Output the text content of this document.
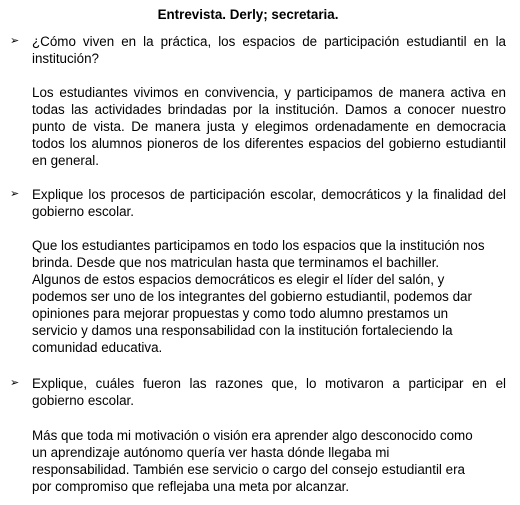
Entrevista. Derly; secretaria.
➢ ¿Cómo viven en la práctica, los espacios de participación estudiantil en la institución?

Los estudiantes vivimos en convivencia, y participamos de manera activa en todas las actividades brindadas por la institución. Damos a conocer nuestro punto de vista. De manera justa y elegimos ordenadamente en democracia todos los alumnos pioneros de los diferentes espacios del gobierno estudiantil en general.

➢ Explique los procesos de participación escolar, democráticos y la finalidad del gobierno escolar.
Que los estudiantes participamos en todo los espacios que la institución nos
brinda. Desde que nos matriculan hasta que terminamos el bachiller.
Algunos de estos espacios democráticos es elegir el líder del salón, y
podemos ser uno de los integrantes del gobierno estudiantil, podemos dar
opiniones para mejorar propuestas y como todo alumno prestamos un
servicio y damos una responsabilidad con la institución fortaleciendo la
comunidad educativa.
➢ Explique, cuáles fueron las razones que, lo motivaron a participar en el gobierno escolar.
Más que toda mi motivación o visión era aprender algo desconocido como
un aprendizaje autónomo quería ver hasta dónde llegaba mi
responsabilidad. También ese servicio o cargo del consejo estudiantil era
por compromiso que reflejaba una meta por alcanzar.
